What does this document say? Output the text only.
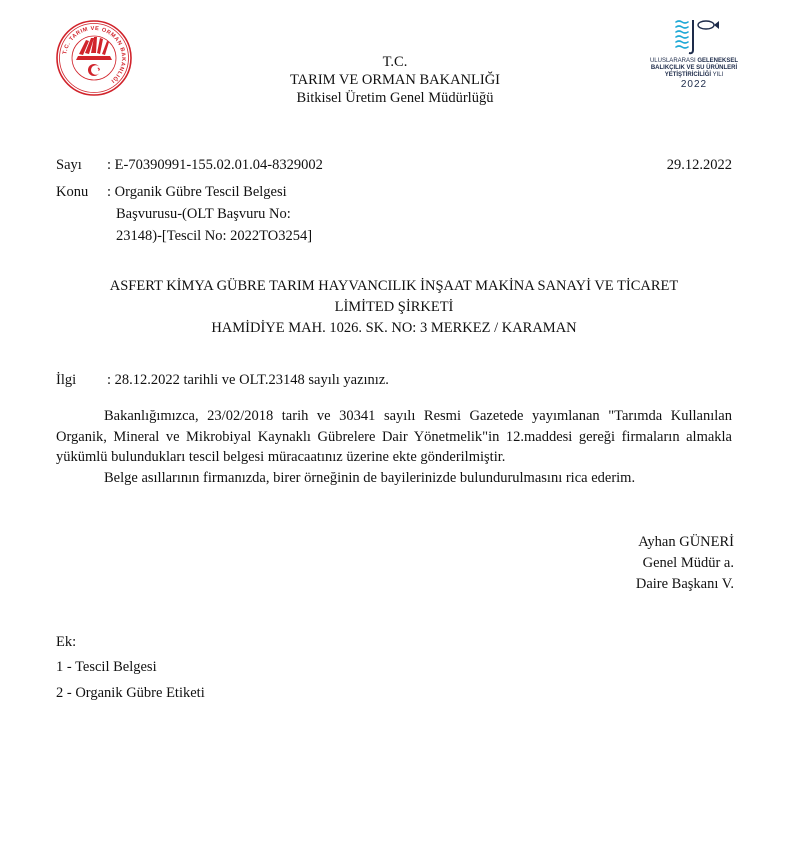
T.C. TARIM VE ORMAN BAKANLIĞI
T.C.
TARIM VE ORMAN BAKANLIĞI
Bitkisel Üretim Genel Müdürlüğü
ULUSLARARASI GELENEKSEL
BALIKÇILIK VE SU ÜRÜNLERİ
YETİŞTİRİCİLİĞİ YILI
2022
Sayı : E-70390991-155.02.01.04-8329002	29.12.2022
Konu : Organik Gübre Tescil Belgesi
Başvurusu-(OLT Başvuru No:
23148)-[Tescil No: 2022TO3254]
ASFERT KİMYA GÜBRE TARIM HAYVANCILIK İNŞAAT MAKİNA SANAYİ VE TİCARET
LİMİTED ŞİRKETİ
HAMİDİYE MAH. 1026. SK. NO: 3 MERKEZ / KARAMAN
İlgi : 28.12.2022 tarihli ve OLT.23148 sayılı yazınız.
Bakanlığımızca, 23/02/2018 tarih ve 30341 sayılı Resmi Gazetede yayımlanan "Tarımda Kullanılan Organik, Mineral ve Mikrobiyal Kaynaklı Gübrelere Dair Yönetmelik"in 12.maddesi gereği firmaların almakla yükümlü bulundukları tescil belgesi müracaatınız üzerine ekte gönderilmiştir.
Belge asıllarının firmanızda, birer örneğinin de bayilerinizde bulundurulmasını rica ederim.
Ayhan GÜNERİ
Genel Müdür a.
Daire Başkanı V.
Ek:
1 - Tescil Belgesi
2 - Organik Gübre Etiketi
